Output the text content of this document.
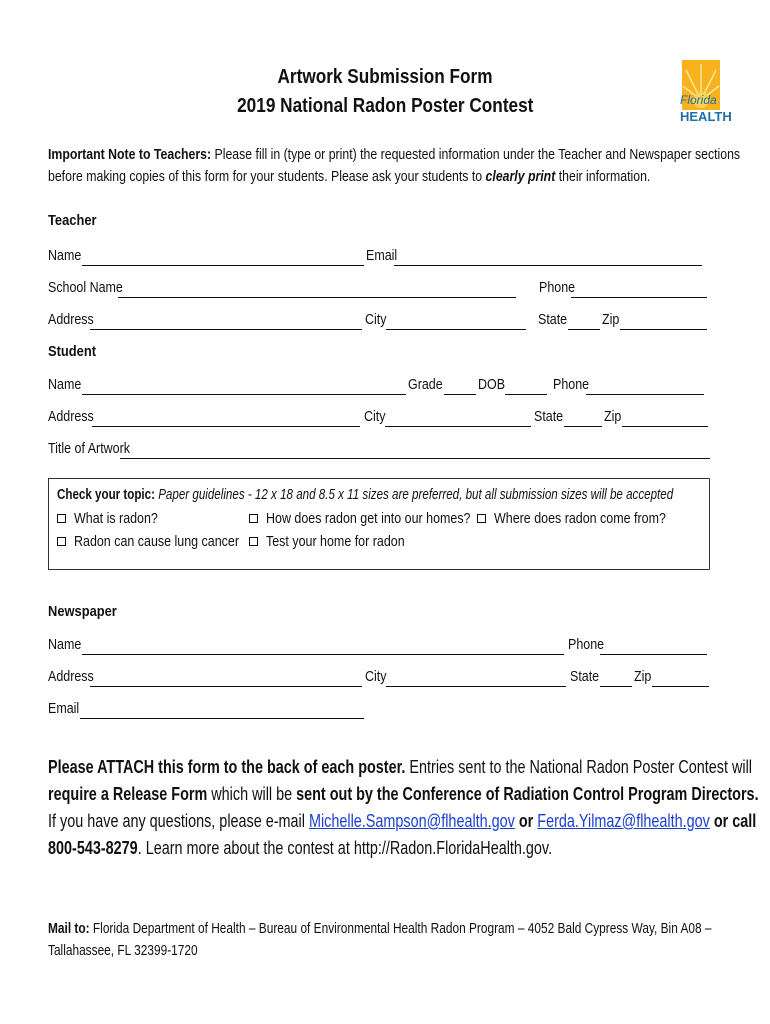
Artwork Submission Form
2019 National Radon Poster Contest	Florida
HEALTH
Important Note to Teachers: Please fill in (type or print) the requested information under the Teacher and Newspaper sections
before making copies of this form for your students. Please ask your students to clearly print their information.
Teacher
Name	Email
School Name	Phone
Address	City	State	Zip
Student
Name	Grade	DOB	Phone
Address	City	State	Zip
Title of Artwork
Check your topic: Paper guidelines - 12 x 18 and 8.5 x 11 sizes are preferred, but all submission sizes will be accepted
What is radon?	How does radon get into our homes?	Where does radon come from?
Radon can cause lung cancer	Test your home for radon
Newspaper
Name	Phone
Address	City	State	Zip
Email
Please ATTACH this form to the back of each poster. Entries sent to the National Radon Poster Contest will
require a Release Form which will be sent out by the Conference of Radiation Control Program Directors.
If you have any questions, please e-mail Michelle.Sampson@flhealth.gov or Ferda.Yilmaz@flhealth.gov or call
800-543-8279. Learn more about the contest at http://Radon.FloridaHealth.gov.
Mail to: Florida Department of Health – Bureau of Environmental Health Radon Program – 4052 Bald Cypress Way, Bin A08 –
Tallahassee, FL 32399-1720
